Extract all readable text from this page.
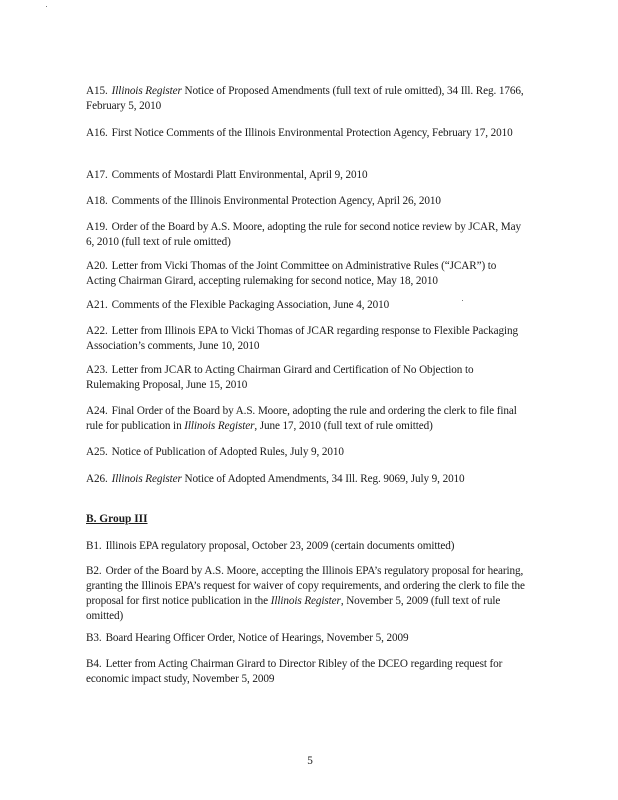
A15. Illinois Register Notice of Proposed Amendments (full text of rule omitted), 34 Ill. Reg. 1766, February 5, 2010
A16. First Notice Comments of the Illinois Environmental Protection Agency, February 17, 2010
A17. Comments of Mostardi Platt Environmental, April 9, 2010
A18. Comments of the Illinois Environmental Protection Agency, April 26, 2010
A19. Order of the Board by A.S. Moore, adopting the rule for second notice review by JCAR, May 6, 2010 (full text of rule omitted)
A20. Letter from Vicki Thomas of the Joint Committee on Administrative Rules (“JCAR”) to Acting Chairman Girard, accepting rulemaking for second notice, May 18, 2010
A21. Comments of the Flexible Packaging Association, June 4, 2010
A22. Letter from Illinois EPA to Vicki Thomas of JCAR regarding response to Flexible Packaging Association’s comments, June 10, 2010
A23. Letter from JCAR to Acting Chairman Girard and Certification of No Objection to Rulemaking Proposal, June 15, 2010
A24. Final Order of the Board by A.S. Moore, adopting the rule and ordering the clerk to file final rule for publication in Illinois Register, June 17, 2010 (full text of rule omitted)
A25. Notice of Publication of Adopted Rules, July 9, 2010
A26. Illinois Register Notice of Adopted Amendments, 34 Ill. Reg. 9069, July 9, 2010
B. Group III
B1. Illinois EPA regulatory proposal, October 23, 2009 (certain documents omitted)
B2. Order of the Board by A.S. Moore, accepting the Illinois EPA’s regulatory proposal for hearing, granting the Illinois EPA’s request for waiver of copy requirements, and ordering the clerk to file the proposal for first notice publication in the Illinois Register, November 5, 2009 (full text of rule omitted)
B3. Board Hearing Officer Order, Notice of Hearings, November 5, 2009
B4. Letter from Acting Chairman Girard to Director Ribley of the DCEO regarding request for economic impact study, November 5, 2009
5
